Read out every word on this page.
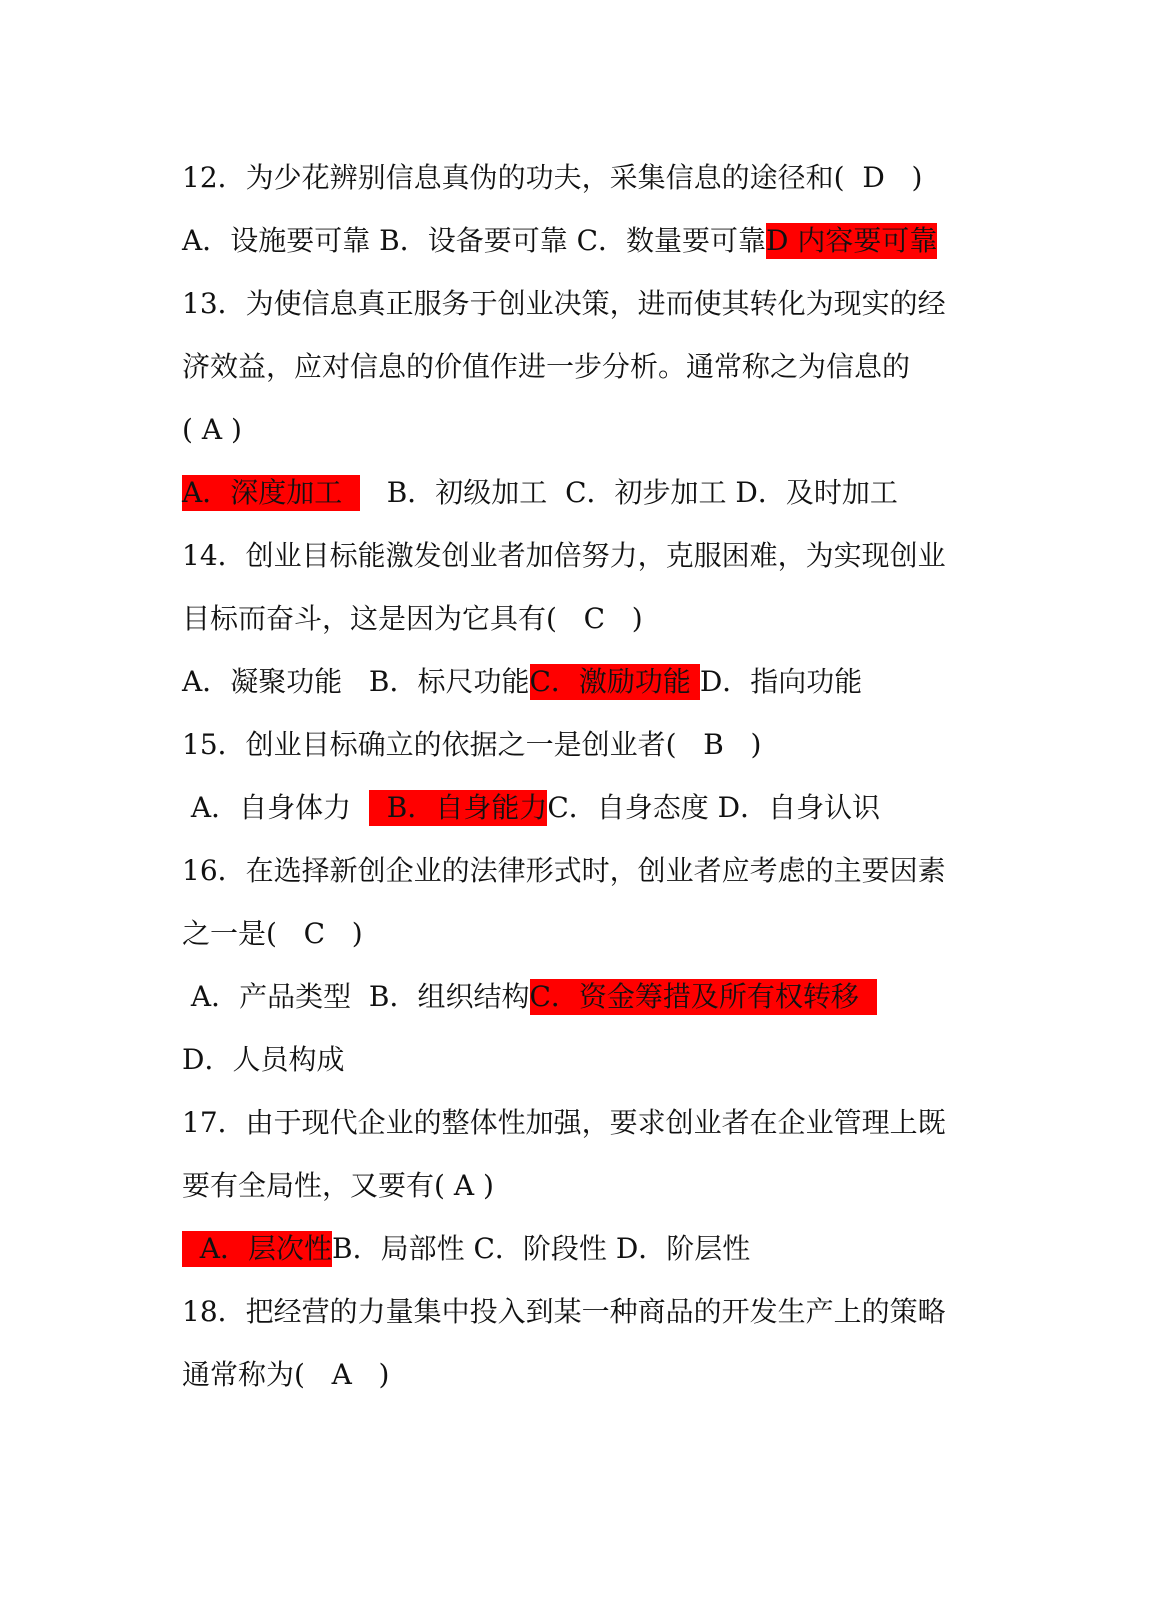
12．为少花辨别信息真伪的功夫，采集信息的途径和(  D   )
A．设施要可靠 B．设备要可靠 C．数量要可靠D 内容要可靠
13．为使信息真正服务于创业决策，进而使其转化为现实的经
济效益，应对信息的价值作进一步分析。通常称之为信息的
( A )
A．深度加工     B．初级加工  C．初步加工 D．及时加工
14．创业目标能激发创业者加倍努力，克服困难，为实现创业
目标而奋斗，这是因为它具有(   C   )
A．凝聚功能   B．标尺功能C．激励功能 D．指向功能
15．创业目标确立的依据之一是创业者(   B   )
A．自身体力    B．自身能力C．自身态度 D．自身认识
16．在选择新创企业的法律形式时，创业者应考虑的主要因素
之一是(   C   )
A．产品类型  B．组织结构C．资金筹措及所有权转移
D．人员构成
17．由于现代企业的整体性加强，要求创业者在企业管理上既
要有全局性，又要有( A )
A．层次性B．局部性 C．阶段性 D．阶层性
18．把经营的力量集中投入到某一种商品的开发生产上的策略
通常称为(   A   )
